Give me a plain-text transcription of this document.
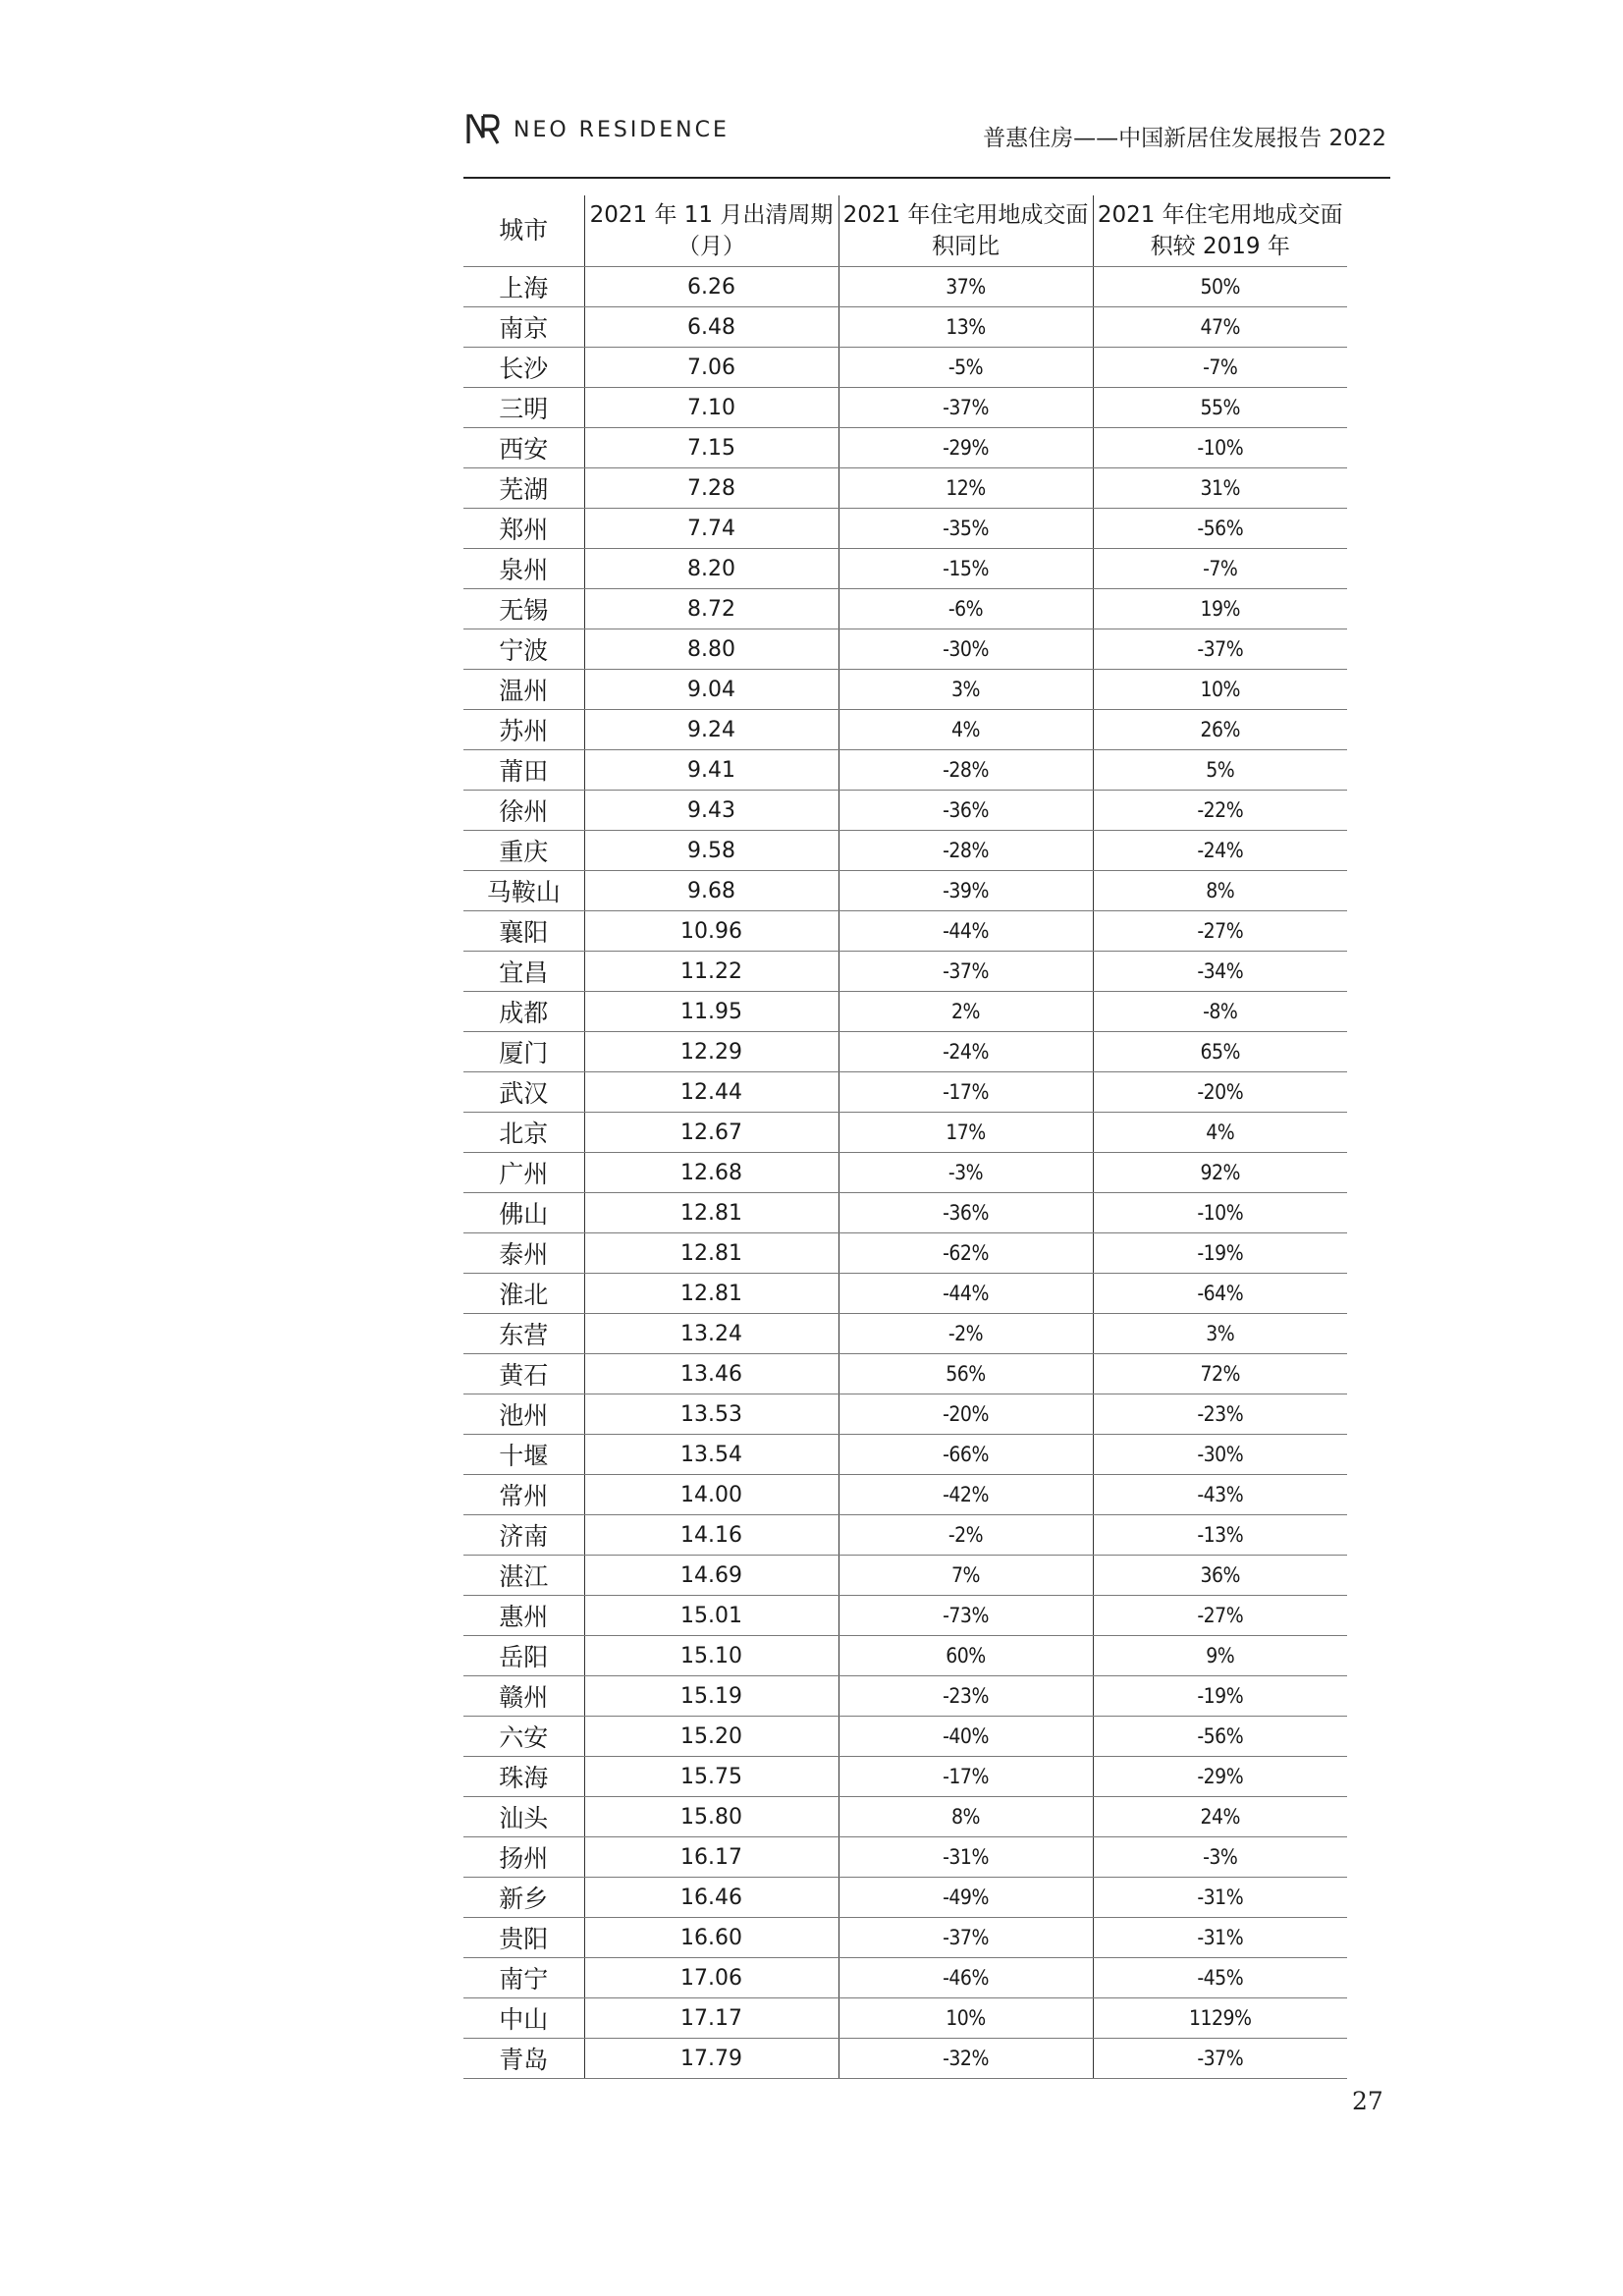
NEO RESIDENCE	普惠住房——中国新居住发展报告 2022
城市	2021 年 11 月出清周期（月）	2021 年住宅用地成交面积同比	2021 年住宅用地成交面积较 2019 年
上海	6.26	37%	50%
南京	6.48	13%	47%
长沙	7.06	-5%	-7%
三明	7.10	-37%	55%
西安	7.15	-29%	-10%
芜湖	7.28	12%	31%
郑州	7.74	-35%	-56%
泉州	8.20	-15%	-7%
无锡	8.72	-6%	19%
宁波	8.80	-30%	-37%
温州	9.04	3%	10%
苏州	9.24	4%	26%
莆田	9.41	-28%	5%
徐州	9.43	-36%	-22%
重庆	9.58	-28%	-24%
马鞍山	9.68	-39%	8%
襄阳	10.96	-44%	-27%
宜昌	11.22	-37%	-34%
成都	11.95	2%	-8%
厦门	12.29	-24%	65%
武汉	12.44	-17%	-20%
北京	12.67	17%	4%
广州	12.68	-3%	92%
佛山	12.81	-36%	-10%
泰州	12.81	-62%	-19%
淮北	12.81	-44%	-64%
东营	13.24	-2%	3%
黄石	13.46	56%	72%
池州	13.53	-20%	-23%
十堰	13.54	-66%	-30%
常州	14.00	-42%	-43%
济南	14.16	-2%	-13%
湛江	14.69	7%	36%
惠州	15.01	-73%	-27%
岳阳	15.10	60%	9%
赣州	15.19	-23%	-19%
六安	15.20	-40%	-56%
珠海	15.75	-17%	-29%
汕头	15.80	8%	24%
扬州	16.17	-31%	-3%
新乡	16.46	-49%	-31%
贵阳	16.60	-37%	-31%
南宁	17.06	-46%	-45%
中山	17.17	10%	1129%
青岛	17.79	-32%	-37%
27
